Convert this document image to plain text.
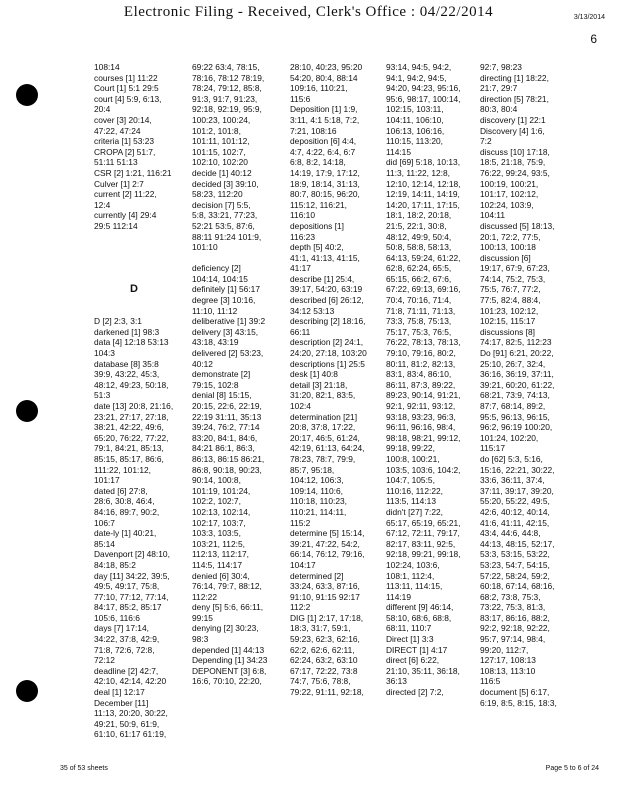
Electronic Filing - Received, Clerk's Office : 04/22/2014	3/13/2014
6
108:14
courses [1] 11:22
Court [1] 5:1 29:5
court [4] 5:9, 6:13,
20:4
cover [3] 20:14,
47:22, 47:24
criteria [1] 53:23
CROPA [2] 51:7,
51:11 51:13
CSR [2] 1:21, 116:21
Culver [1] 2:7
current [2] 11:22,
12:4
currently [4] 29:4
29:5 112:14
D
D [2] 2:3, 3:1
darkened [1] 98:3
data [4] 12:18 53:13
104:3
database [8] 35:8
39:9, 43:22, 45:3,
48:12, 49:23, 50:18,
51:3
date [13] 20:8, 21:16,
23:21, 27:17, 27:18,
38:21, 42:22, 49:6,
65:20, 76:22, 77:22,
79:1, 84:21, 85:13,
85:15, 85:17, 86:6,
111:22, 101:12,
101:17
dated [6] 27:8,
28:6, 30:8, 46:4,
84:16, 89:7, 90:2,
106:7
date-ly [1] 40:21,
85:14
Davenport [2] 48:10,
84:18, 85:2
day [11] 34:22, 39:5,
49:5, 49:17, 75:8,
77:10, 77:12, 77:14,
84:17, 85:2, 85:17
105:6, 116:6
days [7] 17:14,
34:22, 37:8, 42:9,
71:8, 72:6, 72:8,
72:12
deadline [2] 42:7,
42:10, 42:14, 42:20
deal [1] 12:17
December [11]
11:13, 20:20, 30:22,
49:21, 50:9, 61:9,
61:10, 61:17 61:19,
69:22 63:4, 78:15,
78:16, 78:12 78:19,
78:24, 79:12, 85:8,
91:3, 91:7, 91:23,
92:18, 92:19, 95:9,
100:23, 100:24,
101:2, 101:8,
101:11, 101:12,
101:15, 102:7,
102:10, 102:20
decide [1] 40:12
decided [3] 39:10,
58:23, 112:20
decision [7] 5:5,
5:8, 33:21, 77:23,
52:21 53:5, 87:6,
88:11 91:24 101:9,
101:10
deficiency [2]
104:14, 104:15
definitely [1] 56:17
degree [3] 10:16,
11:10, 11:12
deliberative [1] 39:2
delivery [3] 43:15,
43:18, 43:19
delivered [2] 53:23,
40:12
demonstrate [2]
79:15, 102:8
denial [8] 15:15,
20:15, 22:6, 22:19,
22:19 31:11, 35:13
39:24, 76:2, 77:14
83:20, 84:1, 84:6,
84:21 86:1, 86:3,
86:13, 86:15 86:21,
86:8, 90:18, 90:23,
90:14, 100:8,
101:19, 101:24,
102:2, 102:7,
102:13, 102:14,
102:17, 103:7,
103:3, 103:5,
103:21, 112:5,
112:13, 112:17,
114:5, 114:17
denied [6] 30:4,
76:14, 79:7, 88:12,
112:22
deny [5] 5:6, 66:11,
99:15
denying [2] 30:23,
98:3
depended [1] 44:13
Depending [1] 34:23
DEPONENT [3] 6:8,
16:6, 70:10, 22:20,
28:10, 40:23, 95:20
54:20, 80:4, 88:14
109:16, 110:21,
115:6
Deposition [1] 1:9,
3:11, 4:1 5:18, 7:2,
7:21, 108:16
deposition [6] 4:4,
4:7, 4:22, 6:4, 6:7
6:8, 8:2, 14:18,
14:19, 17:9, 17:12,
18:9, 18:14, 31:13,
80:7, 80:15, 96:20,
115:12, 116:21,
116:10
depositions [1]
116:23
depth [5] 40:2,
41:1, 41:13, 41:15,
41:17
describe [1] 25:4,
39:17, 54:20, 63:19
described [6] 26:12,
34:12 53:13
describing [2] 18:16,
66:11
description [2] 24:1,
24:20, 27:18, 103:20
descriptions [1] 25:5
desk [1] 40:8
detail [3] 21:18,
31:20, 82:1, 83:5,
102:4
determination [21]
20:8, 37:8, 17:22,
20:17, 46:5, 61:24,
42:19, 61:13, 64:24,
78:23, 78:7, 79:9,
85:7, 95:18,
104:12, 106:3,
109:14, 110:6,
110:18, 110:23,
110:21, 114:11,
115:2
determine [5] 15:14,
39:21, 47:22, 54:2,
66:14, 76:12, 79:16,
104:17
determined [2]
33:24, 63:3, 87:16,
91:10, 91:15 92:17
112:2
DIG [1] 2:17, 17:18,
18:3, 31:7, 59:1,
59:23, 62:3, 62:16,
62:2, 62:6, 62:11,
62:24, 63:2, 63:10
67:17, 72:22, 73:8
74:7, 75:6, 78:8,
79:22, 91:11, 92:18,
93:14, 94:5, 94:2,
94:1, 94:2, 94:5,
94:20, 94:23, 95:16,
95:6, 98:17, 100:14,
102:15, 103:11,
104:11, 106:10,
106:13, 106:16,
110:15, 113:20,
114:15
did [69] 5:18, 10:13,
11:3, 11:22, 12:8,
12:10, 12:14, 12:18,
12:19, 14:11, 14:19,
14:20, 17:11, 17:15,
18:1, 18:2, 20:18,
21:5, 22:1, 30:8,
48:12, 49:9, 50:4,
50:8, 58:8, 58:13,
64:13, 59:24, 61:22,
62:8, 62:24, 65:5,
65:15, 66:2, 67:6,
67:22, 69:13, 69:16,
70:4, 70:16, 71:4,
71:8, 71:11, 71:13,
73:3, 75:8, 75:13,
75:17, 75:3, 76:5,
76:22, 78:13, 78:13,
79:10, 79:16, 80:2,
80:11, 81:2, 82:13,
83:1, 83:4, 86:10,
86:11, 87:3, 89:22,
89:23, 90:14, 91:21,
92:1, 92:11, 93:12,
93:18, 93:23, 96:3,
96:11, 96:16, 98:4,
98:18, 98:21, 99:12,
99:18, 99:22,
100:8, 100:21,
103:5, 103:6, 104:2,
104:7, 105:5,
110:16, 112:22,
113:5, 114:13
didn't [27] 7:22,
65:17, 65:19, 65:21,
67:12, 72:11, 79:17,
82:17, 83:11, 92:5,
92:18, 99:21, 99:18,
102:24, 103:6,
108:1, 112:4,
113:11, 114:15,
114:19
different [9] 46:14,
58:10, 68:6, 68:8,
68:11, 110:7
Direct [1] 3:3
DIRECT [1] 4:17
direct [6] 6:22,
21:10, 35:11, 36:18,
36:13
directed [2] 7:2,
92:7, 98:23
directing [1] 18:22,
21:7, 29:7
direction [5] 78:21,
80:3, 80:4
discovery [1] 22:1
Discovery [4] 1:6,
7:2
discuss [10] 17:18,
18:5, 21:18, 75:9,
76:22, 99:24, 93:5,
100:19, 100:21,
101:17, 102:12,
102:24, 103:9,
104:11
discussed [5] 18:13,
20:1, 72:2, 77:5,
100:13, 100:18
discussion [6]
19:17, 67:9, 67:23,
74:14, 75:2, 75:3,
75:5, 76:7, 77:2,
77:5, 82:4, 88:4,
101:23, 102:12,
102:15, 115:17
discussions [8]
74:17, 82:5, 112:23
Do [91] 6:21, 20:22,
25:10, 26:7, 32:4,
36:16, 36:19, 37:11,
39:21, 60:20, 61:22,
68:21, 73:9, 74:13,
87:7, 68:14, 89:2,
95:5, 96:13, 96:15,
96:2, 96:19 100:20,
101:24, 102:20,
115:17
do [62] 5:3, 5:16,
15:16, 22:21, 30:22,
33:6, 36:11, 37:4,
37:11, 39:17, 39:20,
55:20, 55:22, 49:5,
42:6, 40:12, 40:14,
41:6, 41:11, 42:15,
43:4, 44:6, 44:8,
44:13, 48:15, 52:17,
53:3, 53:15, 53:22,
53:23, 54:7, 54:15,
57:22, 58:24, 59:2,
60:18, 67:14, 68:16,
68:2, 73:8, 75:3,
73:22, 75:3, 81:3,
83:17, 86:16, 88:2,
92:2, 92:18, 92:22,
95:7, 97:14, 98:4,
99:20, 112:7,
127:17, 108:13
108:13, 113:10
116:5
document [5] 6:17,
6:19, 8:5, 8:15, 18:3,
35 of 53 sheets	Page 5 to 6 of 24
